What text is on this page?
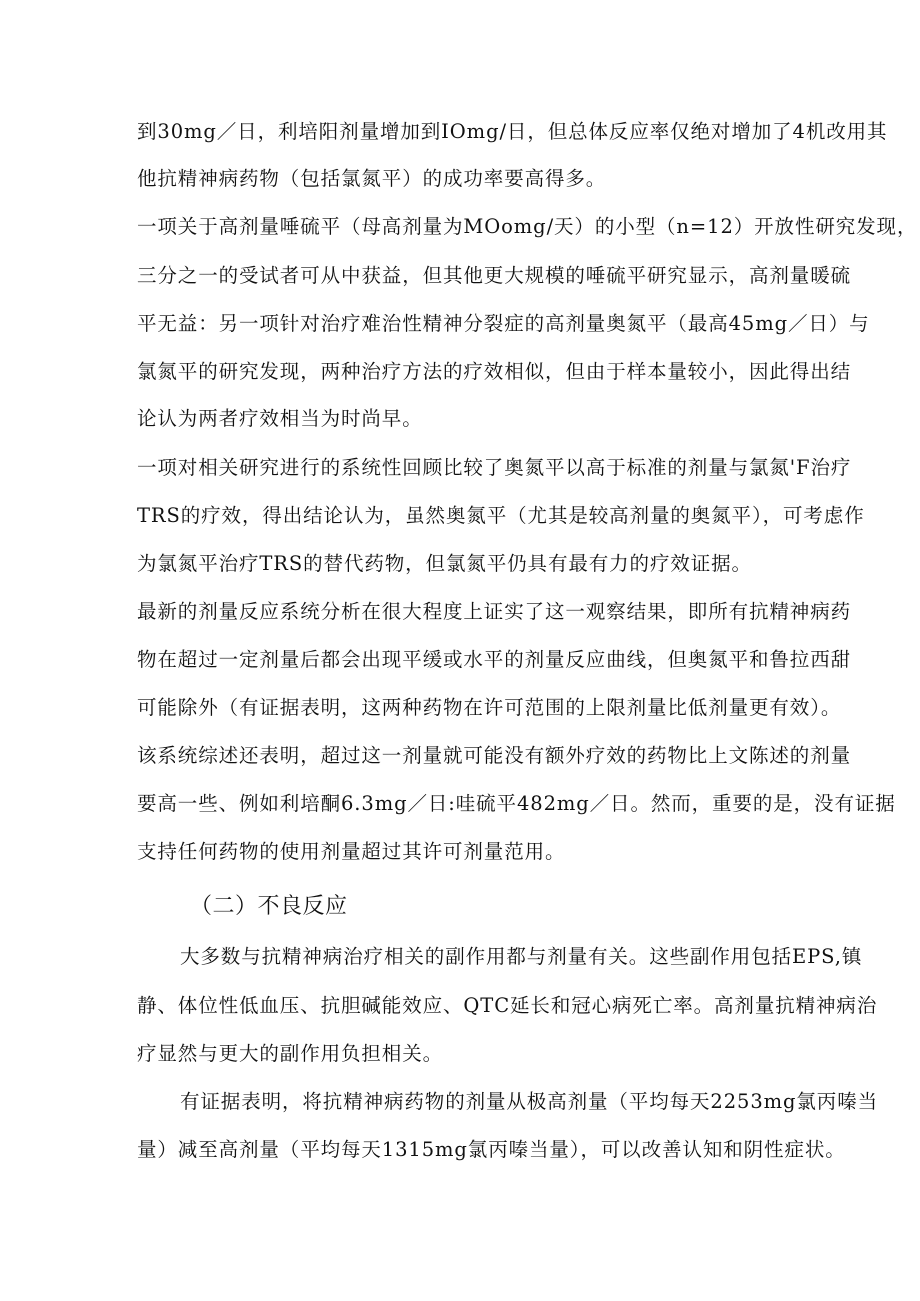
到30mg／日，利培阳剂量增加到IOmg/日，但总体反应率仅绝对增加了4机改用其
他抗精神病药物（包括氯氮平）的成功率要高得多。
一项关于高剂量唾硫平（母高剂量为MOomg/天）的小型（n=12）开放性研究发现，
三分之一的受试者可从中获益，但其他更大规模的唾硫平研究显示，高剂量暖硫
平无益：另一项针对治疗难治性精神分裂症的高剂量奥氮平（最高45mg／日）与
氯氮平的研究发现，两种治疗方法的疗效相似，但由于样本量较小，因此得出结
论认为两者疗效相当为时尚早。
一项对相关研究进行的系统性回顾比较了奥氮平以高于标准的剂量与氯氮'F治疗
TRS的疗效，得出结论认为，虽然奥氮平（尤其是较高剂量的奥氮平），可考虑作
为氯氮平治疗TRS的替代药物，但氯氮平仍具有最有力的疗效证据。
最新的剂量反应系统分析在很大程度上证实了这一观察结果，即所有抗精神病药
物在超过一定剂量后都会出现平缓或水平的剂量反应曲线，但奥氮平和鲁拉西甜
可能除外（有证据表明，这两种药物在许可范围的上限剂量比低剂量更有效）。
该系统综述还表明，超过这一剂量就可能没有额外疗效的药物比上文陈述的剂量
要高一些、例如利培酮6.3mg／日:哇硫平482mg／日。然而，重要的是，没有证据
支持任何药物的使用剂量超过其许可剂量范用。
（二）不良反应
大多数与抗精神病治疗相关的副作用都与剂量有关。这些副作用包括EPS,镇
静、体位性低血压、抗胆碱能效应、QTC延长和冠心病死亡率。高剂量抗精神病治
疗显然与更大的副作用负担相关。
有证据表明，将抗精神病药物的剂量从极高剂量（平均每天2253mg氯丙嗪当
量）减至高剂量（平均每天1315mg氯丙嗪当量），可以改善认知和阴性症状。
